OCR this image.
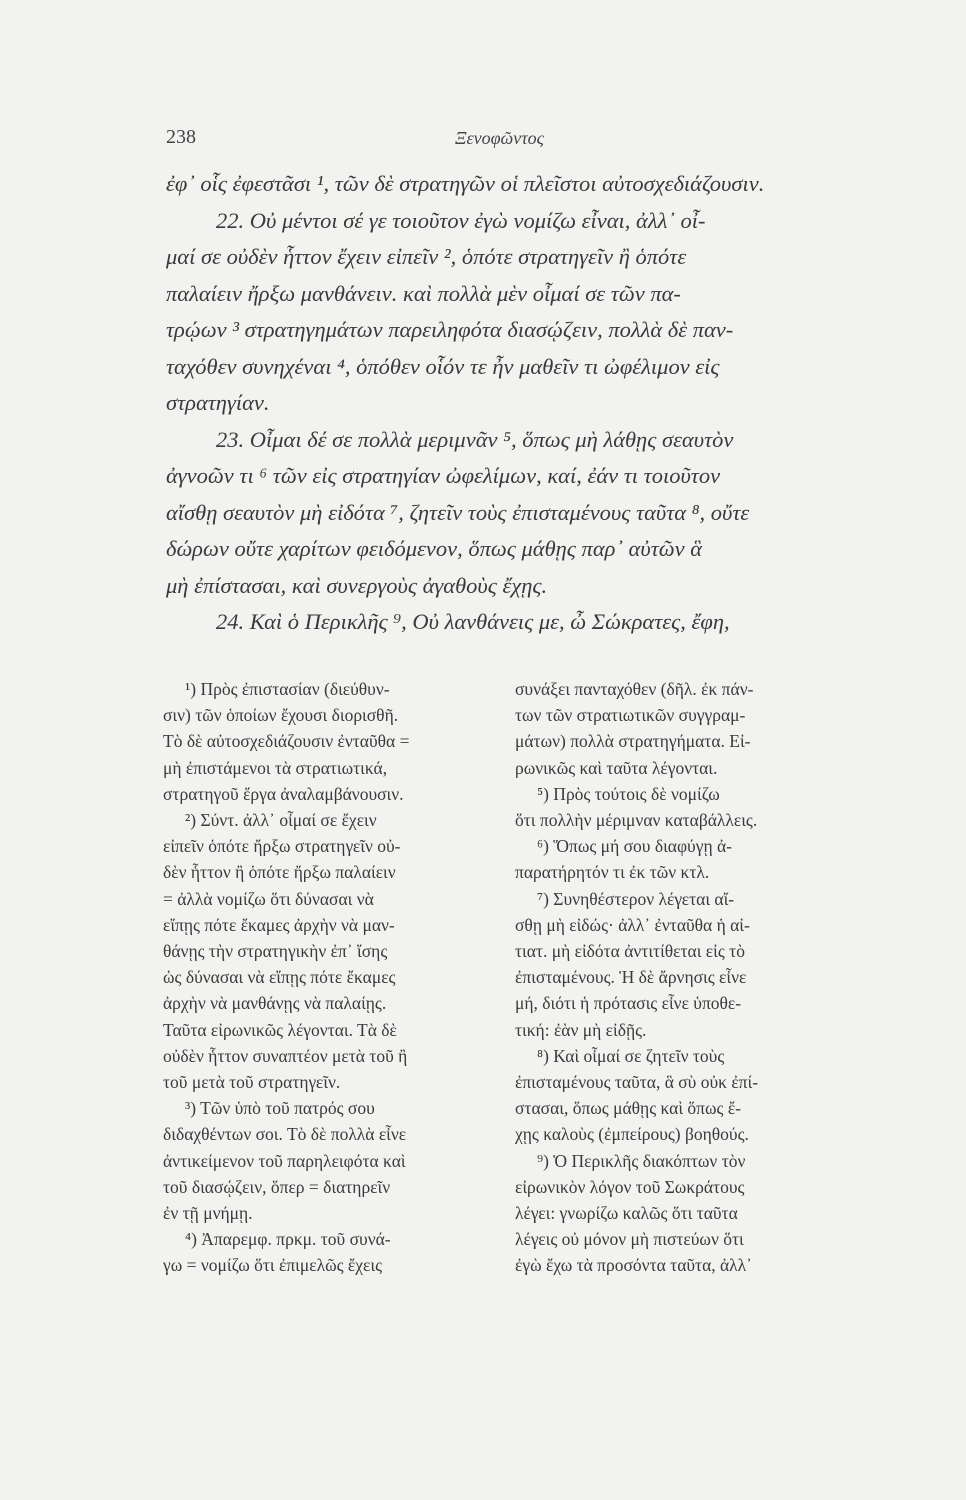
238	Ξενοφῶντος
ἐφ᾽ οἷς ἐφεστᾶσι ¹, τῶν δὲ στρατηγῶν οἱ πλεῖστοι αὐτοσχεδιάζουσιν.
22. Οὐ μέντοι σέ γε τοιοῦτον ἐγὼ νομίζω εἶναι, ἀλλ᾽ οἶ-
μαί σε οὐδὲν ἧττον ἔχειν εἰπεῖν ², ὁπότε στρατηγεῖν ἢ ὁπότε
παλαίειν ἤρξω μανθάνειν. καὶ πολλὰ μὲν οἶμαί σε τῶν πα-
τρῴων ³ στρατηγημάτων παρειληφότα διασῴζειν, πολλὰ δὲ παν-
ταχόθεν συνηχέναι ⁴, ὁπόθεν οἷόν τε ἦν μαθεῖν τι ὠφέλιμον εἰς
στρατηγίαν.
23. Οἶμαι δέ σε πολλὰ μεριμνᾶν ⁵, ὅπως μὴ λάθῃς σεαυτὸν
ἀγνοῶν τι ⁶ τῶν εἰς στρατηγίαν ὠφελίμων, καί, ἐάν τι τοιοῦτον
αἴσθῃ σεαυτὸν μὴ εἰδότα ⁷, ζητεῖν τοὺς ἐπισταμένους ταῦτα ⁸, οὔτε
δώρων οὔτε χαρίτων φειδόμενον, ὅπως μάθῃς παρ᾽ αὐτῶν ἃ
μὴ ἐπίστασαι, καὶ συνεργοὺς ἀγαθοὺς ἔχῃς.
24. Καὶ ὁ Περικλῆς ⁹, Οὐ λανθάνεις με, ὦ Σώκρατες, ἔφη,
¹) Πρὸς ἐπιστασίαν (διεύθυν-
σιν) τῶν ὁποίων ἔχουσι διορισθῆ.
Τὸ δὲ αὐτοσχεδιάζουσιν ἐνταῦθα =
μὴ ἐπιστάμενοι τὰ στρατιωτικά,
στρατηγοῦ ἔργα ἀναλαμβάνουσιν.
²) Σύντ. ἀλλ᾽ οἶμαί σε ἔχειν
εἰπεῖν ὁπότε ἤρξω στρατηγεῖν οὐ-
δὲν ἧττον ἢ ὁπότε ἤρξω παλαίειν
= ἀλλὰ νομίζω ὅτι δύνασαι νὰ
εἴπῃς πότε ἔκαμες ἀρχὴν νὰ μαν-
θάνῃς τὴν στρατηγικὴν ἐπ᾽ ἴσης
ὡς δύνασαι νὰ εἴπῃς πότε ἔκαμες
ἀρχὴν νὰ μανθάνῃς νὰ παλαίῃς.
Ταῦτα εἰρωνικῶς λέγονται. Τὰ δὲ
οὐδὲν ἧττον συναπτέον μετὰ τοῦ ἢ
τοῦ μετὰ τοῦ στρατηγεῖν.
³) Τῶν ὑπὸ τοῦ πατρός σου
διδαχθέντων σοι. Τὸ δὲ πολλὰ εἶνε
ἀντικείμενον τοῦ παρηλειφότα καὶ
τοῦ διασῴζειν, ὅπερ = διατηρεῖν
ἐν τῇ μνήμῃ.
⁴) Ἀπαρεμφ. πρκμ. τοῦ συνά-
γω = νομίζω ὅτι ἐπιμελῶς ἔχεις
συνάξει πανταχόθεν (δῆλ. ἐκ πάν-
των τῶν στρατιωτικῶν συγγραμ-
μάτων) πολλὰ στρατηγήματα. Εἰ-
ρωνικῶς καὶ ταῦτα λέγονται.
⁵) Πρὸς τούτοις δὲ νομίζω
ὅτι πολλὴν μέριμναν καταβάλλεις.
⁶) Ὅπως μή σου διαφύγῃ ἀ-
παρατήρητόν τι ἐκ τῶν κτλ.
⁷) Συνηθέστερον λέγεται αἴ-
σθῃ μὴ εἰδώς· ἀλλ᾽ ἐνταῦθα ἡ αἰ-
τιατ. μὴ εἰδότα ἀντιτίθεται εἰς τὸ
ἐπισταμένους. Ἡ δὲ ἄρνησις εἶνε
μή, διότι ἡ πρότασις εἶνε ὑποθε-
τική: ἐὰν μὴ εἰδῇς.
⁸) Καὶ οἶμαί σε ζητεῖν τοὺς
ἐπισταμένους ταῦτα, ἃ σὺ οὐκ ἐπί-
στασαι, ὅπως μάθῃς καὶ ὅπως ἔ-
χῃς καλοὺς (ἐμπείρους) βοηθούς.
⁹) Ὁ Περικλῆς διακόπτων τὸν
εἰρωνικὸν λόγον τοῦ Σωκράτους
λέγει: γνωρίζω καλῶς ὅτι ταῦτα
λέγεις οὐ μόνον μὴ πιστεύων ὅτι
ἐγὼ ἔχω τὰ προσόντα ταῦτα, ἀλλ᾽
